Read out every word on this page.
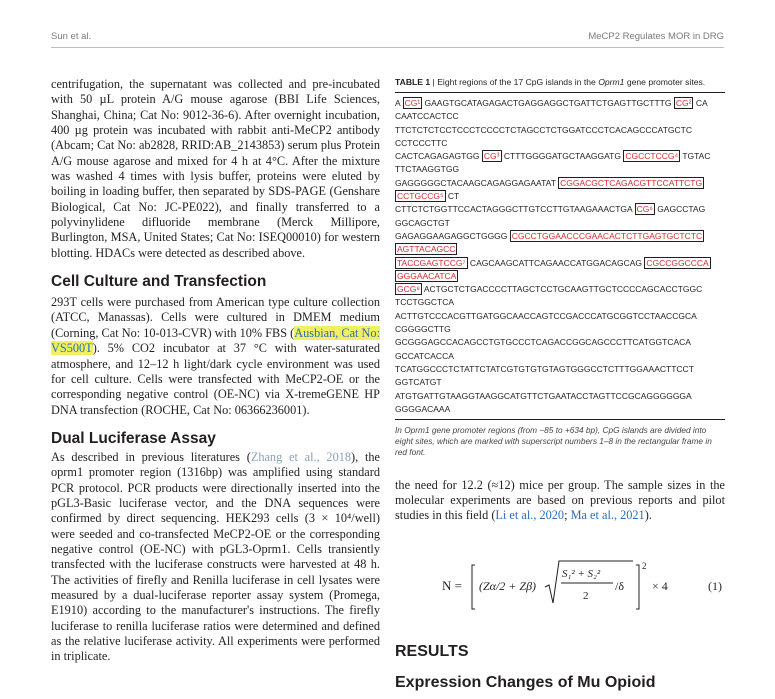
Sun et al.	MeCP2 Regulates MOR in DRG

centrifugation, the supernatant was collected and pre-incubated with 50 µL protein A/G mouse agarose (BBI Life Sciences, Shanghai, China; Cat No: 9012-36-6). After overnight incubation, 400 µg protein was incubated with rabbit anti-MeCP2 antibody (Abcam; Cat No: ab2828, RRID:AB_2143853) serum plus Protein A/G mouse agarose and mixed for 4 h at 4°C. After the mixture was washed 4 times with lysis buffer, proteins were eluted by boiling in loading buffer, then separated by SDS-PAGE (Genshare Biological, Cat No: JC-PE022), and finally transferred to a polyvinylidene difluoride membrane (Merck Millipore, Burlington, MSA, United States; Cat No: ISEQ00010) for western blotting. HDACs were detected as described above.

Cell Culture and Transfection

293T cells were purchased from American type culture collection (ATCC, Manassas). Cells were cultured in DMEM medium (Corning, Cat No: 10-013-CVR) with 10% FBS (Ausbian, Cat No: VS500T). 5% CO2 incubator at 37 °C with water-saturated atmosphere, and 12–12 h light/dark cycle environment was used for cell culture. Cells were transfected with MeCP2-OE or the corresponding negative control (OE-NC) via X-tremeGENE HP DNA transfection (ROCHE, Cat No: 06366236001).

Dual Luciferase Assay

As described in previous literatures (Zhang et al., 2018), the oprm1 promoter region (1316bp) was amplified using standard PCR protocol. PCR products were directionally inserted into the pGL3-Basic luciferase vector, and the DNA sequences were confirmed by direct sequencing. HEK293 cells (3 × 10⁴/well) were seeded and co-transfected MeCP2-OE or the corresponding negative control (OE-NC) with pGL3-Oprm1. Cells transiently transfected with the luciferase constructs were harvested at 48 h. The activities of firefly and Renilla luciferase in cell lysates were measured by a dual-luciferase reporter assay system (Promega, E1910) according to the manufacturer's instructions. The firefly luciferase to renilla luciferase ratios were determined and defined as the relative luciferase activity. All experiments were performed in triplicate.

TABLE 1 | Eight regions of the 17 CpG islands in the Oprm1 gene promoter sites.

A CG¹ GAAGTGCATAGAGACTGAGGAGGCTGATTCTGAGTTGCTTTG CG² CA
CAATCCACTCC
TTCTCTCTCCTCCCTCCCCTCTAGCCTCTGGATCCCTCACAGCCCATGCTC
CCTCCCTTC
CACTCAGAGAGTGG CG³ CTTTGGGGATGCTAAGGATG CGCCTCCG⁴ TGTAC
TTCTAAGGTGG
GAGGGGGCTACAAGCAGAGGAGAATAT CGGACGCTCAGACGTTCCATTCTG
CCTGCCG⁵ CT
CTTCTCTGGTTCCACTAGGGCTTGTCCTTGTAAGAAACTGA CG⁶ GAGCCTAG
GGCAGCTGT
GAGAGGAAGAGGCTGGGG CGCCTGGAACCCGAACACTCTTGAGTGCTCTC
AGTTACAGCC
TACCGAGTCCG⁷ CAGCAAGCATTCAGAACCATGGACAGCAG CGCCGGCCCA
GGGAACATCA
GCG⁸ ACTGCTCTGACCCCTTAGCTCCTGCAAGTTGCTCCCCAGCACCTGGC
TCCTGGCTCA
ACTTGTCCCACGTTGATGGCAACCAGTCCGACCCATGCGGTCCTAACCGCA
CGGGGCTTG
GCGGGAGCCACAGCCTGTGCCCTCAGACCGGCAGCCCTTCATGGTCACA
GCCATCACCA
TCATGGCCCTCTATTCTATCGTGTGTGTAGTGGGCCTCTTTGGAAACTTCCT
GGTCATGT
ATGTGATTGTAAGGTAAGGCATGTTCTGAATACCTAGTTCCGCAGGGGGGA
GGGGACAAA

In Oprm1 gene promoter regions (from −85 to +634 bp), CpG islands are divided into eight sites, which are marked with superscript numbers 1–8 in the rectangular frame in red font.

the need for 12.2 (≈12) mice per group. The sample sizes in the molecular experiments are based on previous reports and pilot studies in this field (Li et al., 2020; Ma et al., 2021).

N = (Zα/2 + Zβ)
S₁² + S₂²
2
/δ
2
× 4	(1)
RESULTS
Expression Changes of Mu Opioid
